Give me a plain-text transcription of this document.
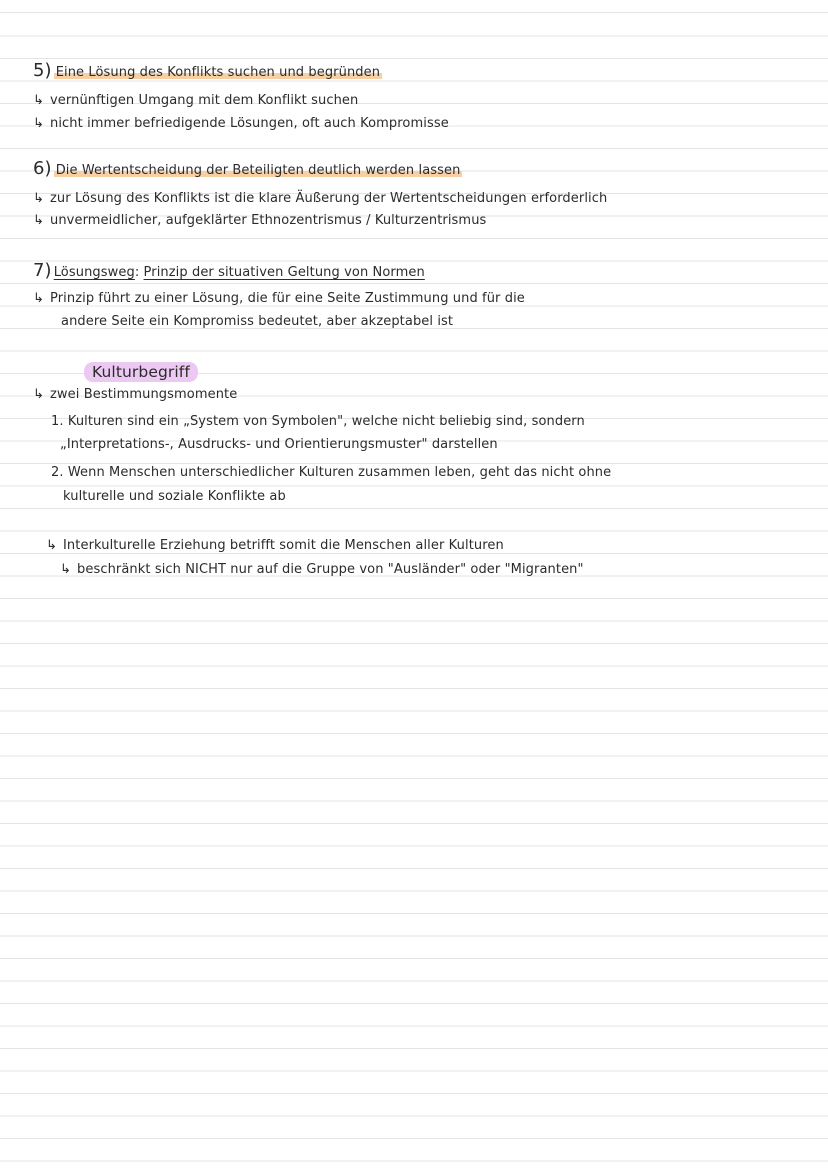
5) Eine Lösung des Konflikts suchen und begründen
↳ vernünftigen Umgang mit dem Konflikt suchen
↳ nicht immer befriedigende Lösungen, oft auch Kompromisse
6) Die Wertentscheidung der Beteiligten deutlich werden lassen
↳ zur Lösung des Konflikts ist die klare Äußerung der Wertentscheidungen erforderlich
↳ unvermeidlicher, aufgeklärter Ethnozentrismus / Kulturzentrismus
7) Lösungsweg: Prinzip der situativen Geltung von Normen
↳ Prinzip führt zu einer Lösung, die für eine Seite Zustimmung und für die
andere Seite ein Kompromiss bedeutet, aber akzeptabel ist
Kulturbegriff
↳ zwei Bestimmungsmomente
1. Kulturen sind ein „System von Symbolen", welche nicht beliebig sind, sondern
„Interpretations-, Ausdrucks- und Orientierungsmuster" darstellen
2. Wenn Menschen unterschiedlicher Kulturen zusammen leben, geht das nicht ohne
kulturelle und soziale Konflikte ab
↳ Interkulturelle Erziehung betrifft somit die Menschen aller Kulturen
↳ beschränkt sich NICHT nur auf die Gruppe von "Ausländer" oder "Migranten"
